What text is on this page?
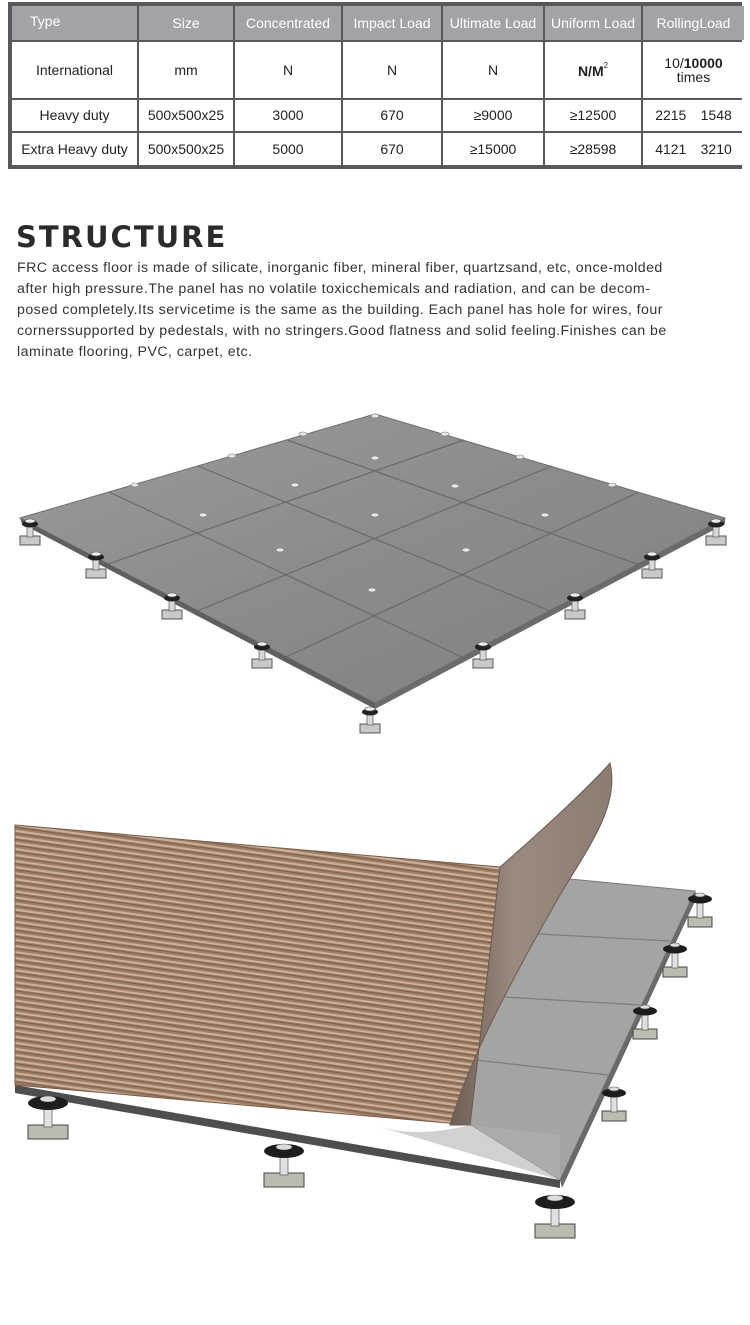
Type	Size	Concentrated	Impact Load	Ultimate Load	Uniform Load	RollingLoad
International	mm	N	N	N	$N/M^2$	10/10000
times
Heavy duty	500x500x25	3000	670	≥9000	≥12500	2215 1548
Extra Heavy duty	500x500x25	5000	670	≥15000	≥28598	4121 3210
STRUCTURE
FRC access floor is made of silicate, inorganic fiber, mineral fiber, quartzsand, etc, once-molded
after high pressure.The panel has no volatile toxicchemicals and radiation, and can be decom-
posed completely.Its servicetime is the same as the building. Each panel has hole for wires, four
cornerssupported by pedestals, with no stringers.Good flatness and solid feeling.Finishes can be
laminate flooring, PVC, carpet, etc.
